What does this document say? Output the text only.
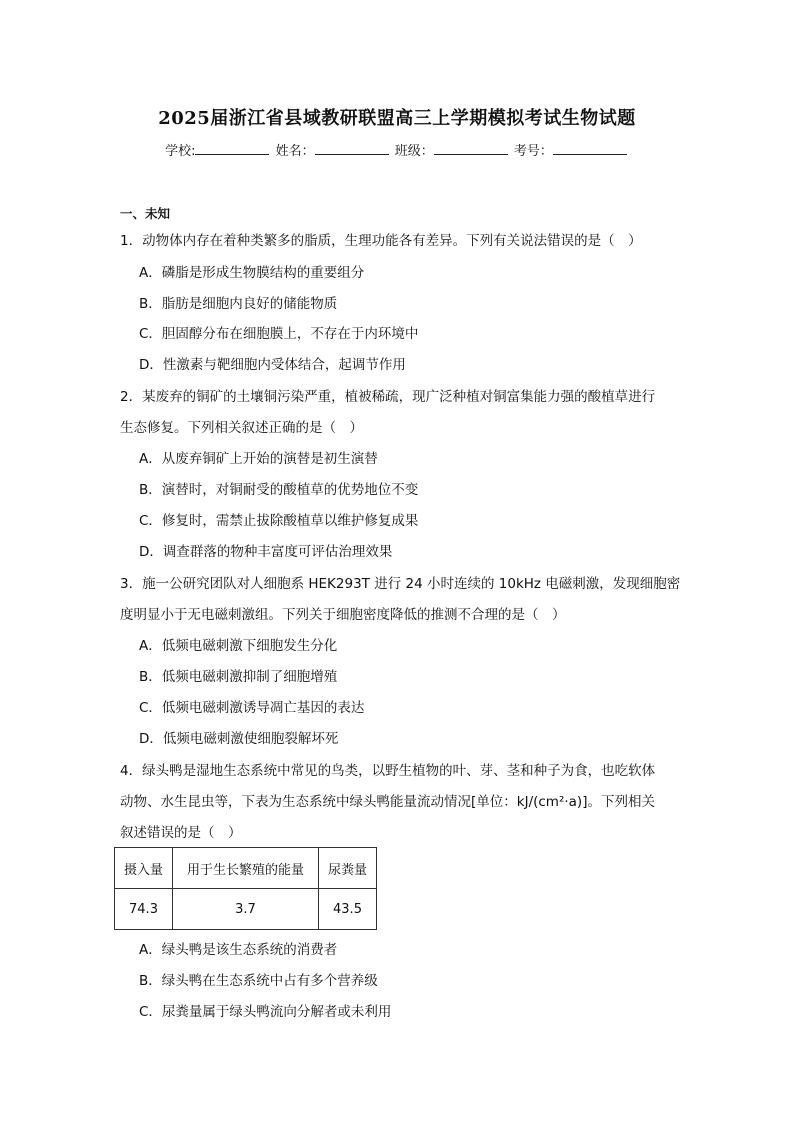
2025届浙江省县域教研联盟高三上学期模拟考试生物试题
学校:	姓名：	班级：	考号：
一、未知
1．动物体内存在着种类繁多的脂质，生理功能各有差异。下列有关说法错误的是（　）
A．磷脂是形成生物膜结构的重要组分
B．脂肪是细胞内良好的储能物质
C．胆固醇分布在细胞膜上，不存在于内环境中
D．性激素与靶细胞内受体结合，起调节作用
2．某废弃的铜矿的土壤铜污染严重，植被稀疏，现广泛种植对铜富集能力强的酸植草进行
生态修复。下列相关叙述正确的是（　）
A．从废弃铜矿上开始的演替是初生演替
B．演替时，对铜耐受的酸植草的优势地位不变
C．修复时，需禁止拔除酸植草以维护修复成果
D．调查群落的物种丰富度可评估治理效果
3．施一公研究团队对人细胞系 HEK293T 进行 24 小时连续的 10kHz 电磁刺激，发现细胞密
度明显小于无电磁刺激组。下列关于细胞密度降低的推测不合理的是（　）
A．低频电磁刺激下细胞发生分化
B．低频电磁刺激抑制了细胞增殖
C．低频电磁刺激诱导凋亡基因的表达
D．低频电磁刺激使细胞裂解坏死
4．绿头鸭是湿地生态系统中常见的鸟类，以野生植物的叶、芽、茎和种子为食，也吃软体
动物、水生昆虫等，下表为生态系统中绿头鸭能量流动情况[单位：kJ/(cm²·a)]。下列相关
叙述错误的是（　）
摄入量	用于生长繁殖的能量	尿粪量
74.3	3.7	43.5
A．绿头鸭是该生态系统的消费者
B．绿头鸭在生态系统中占有多个营养级
C．尿粪量属于绿头鸭流向分解者或未利用
